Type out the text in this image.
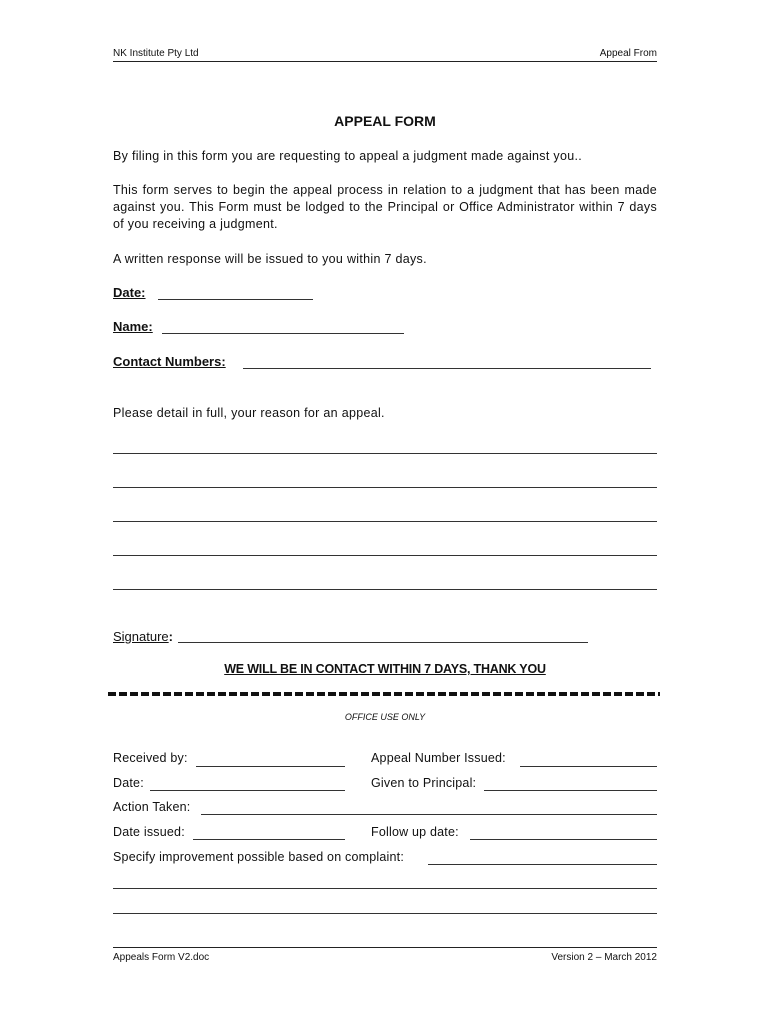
NK Institute Pty Ltd	Appeal From
APPEAL FORM
By filing in this form you are requesting to appeal a judgment made against you..
This form serves to begin the appeal process in relation to a judgment that has been made against you. This Form must be lodged to the Principal or Office Administrator within 7 days of you receiving a judgment.
A written response will be issued to you within 7 days.
Date:
Name:
Contact Numbers:
Please detail in full, your reason for an appeal.
Signature:
WE WILL BE IN CONTACT WITHIN 7 DAYS, THANK YOU
OFFICE USE ONLY
Received by:	Appeal Number Issued:
Date:	Given to Principal:
Action Taken:
Date issued:	Follow up date:
Specify improvement possible based on complaint:
Appeals Form V2.doc	Version 2 – March 2012
